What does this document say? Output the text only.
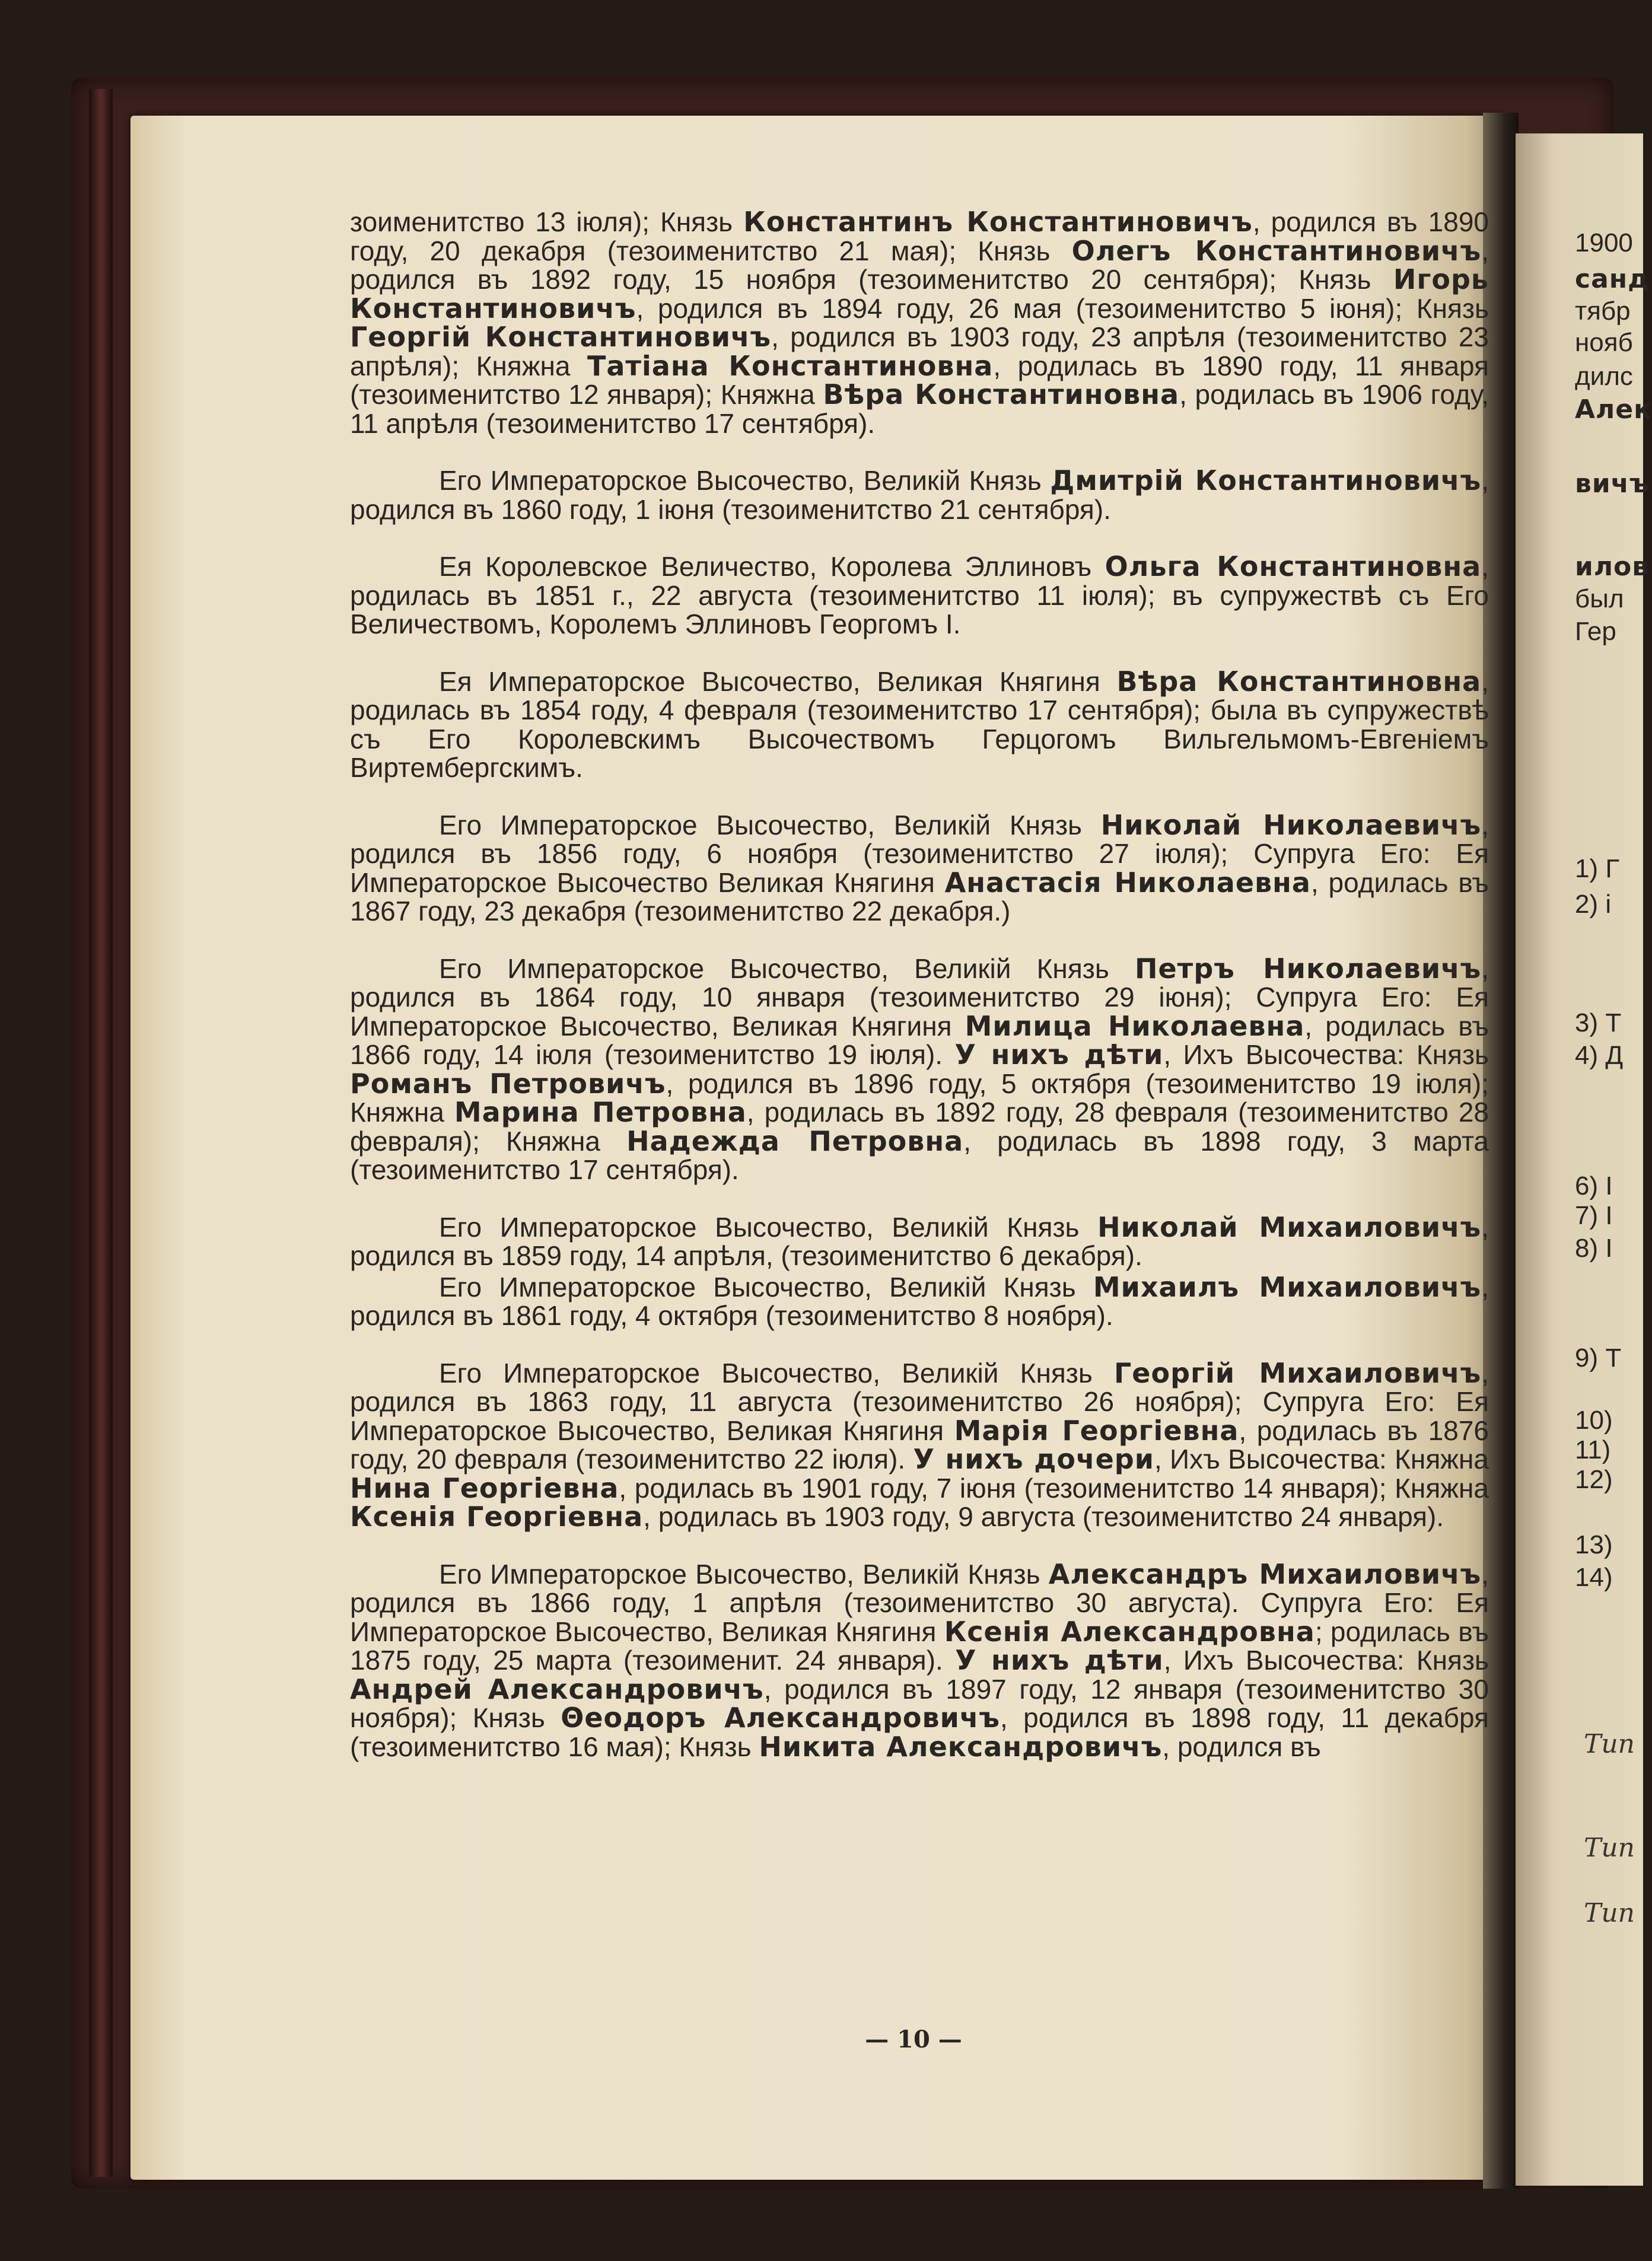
зоименитство 13 іюля); Князь Константинъ Константиновичъ, родился въ 1890 году, 20 декабря (тезоименитство 21 мая); Князь Олегъ Константиновичъ, родился въ 1892 году, 15 ноября (тезоименитство 20 сентября); Князь Игорь Константиновичъ, родился въ 1894 году, 26 мая (тезоименитство 5 іюня); Князь Георгій Константиновичъ, родился въ 1903 году, 23 апрѣля (тезоименитство 23 апрѣля); Княжна Татіана Константиновна, родилась въ 1890 году, 11 января (тезоименитство 12 января); Княжна Вѣра Константиновна, родилась въ 1906 году, 11 апрѣля (тезоименитство 17 сентября).

Его Императорское Высочество, Великій Князь Дмитрій Константиновичъ, родился въ 1860 году, 1 іюня (тезоименитство 21 сентября).

Ея Королевское Величество, Королева Эллиновъ Ольга Константиновна, родилась въ 1851 г., 22 августа (тезоименитство 11 іюля); въ супружествѣ съ Его Величествомъ, Королемъ Эллиновъ Георгомъ I.

Ея Императорское Высочество, Великая Княгиня Вѣра Константиновна, родилась въ 1854 году, 4 февраля (тезоименитство 17 сентября); была въ супружествѣ съ Его Королевскимъ Высочествомъ Герцогомъ Вильгельмомъ-Евгеніемъ Виртембергскимъ.

Его Императорское Высочество, Великій Князь Николай Николаевичъ, родился въ 1856 году, 6 ноября (тезоименитство 27 іюля); Супруга Его: Ея Императорское Высочество Великая Княгиня Анастасія Николаевна, родилась въ 1867 году, 23 декабря (тезоименитство 22 декабря.)

Его Императорское Высочество, Великій Князь Петръ Николаевичъ, родился въ 1864 году, 10 января (тезоименитство 29 іюня); Супруга Его: Ея Императорское Высочество, Великая Княгиня Милица Николаевна, родилась въ 1866 году, 14 іюля (тезоименитство 19 іюля). У нихъ дѣти, Ихъ Высочества: Князь Романъ Петровичъ, родился въ 1896 году, 5 октября (тезоименитство 19 іюля); Княжна Марина Петровна, родилась въ 1892 году, 28 февраля (тезоименитство 28 февраля); Княжна Надежда Петровна, родилась въ 1898 году, 3 марта (тезоименитство 17 сентября).

Его Императорское Высочество, Великій Князь Николай Михаиловичъ, родился въ 1859 году, 14 апрѣля, (тезоименитство 6 декабря).

Его Императорское Высочество, Великій Князь Михаилъ Михаиловичъ, родился въ 1861 году, 4 октября (тезоименитство 8 ноября).

Его Императорское Высочество, Великій Князь Георгій Михаиловичъ, родился въ 1863 году, 11 августа (тезоименитство 26 ноября); Супруга Его: Ея Императорское Высочество, Великая Княгиня Марія Георгіевна, родилась въ 1876 году, 20 февраля (тезоименитство 22 іюля). У нихъ дочери, Ихъ Высочества: Княжна Нина Георгіевна, родилась въ 1901 году, 7 іюня (тезоименитство 14 января); Княжна Ксенія Георгіевна, родилась въ 1903 году, 9 августа (тезоименитство 24 января).

Его Императорское Высочество, Великій Князь Александръ Михаиловичъ, родился въ 1866 году, 1 апрѣля (тезоименитство 30 августа). Супруга Его: Ея Императорское Высочество, Великая Княгиня Ксенія Александровна; родилась въ 1875 году, 25 марта (тезоименит. 24 января). У нихъ дѣти, Ихъ Высочества: Князь Андрей Александровичъ, родился въ 1897 году, 12 января (тезоименитство 30 ноября); Князь Θеодоръ Александровичъ, родился въ 1898 году, 11 декабря (тезоименитство 16 мая); Князь Никита Александровичъ, родился въ

— 10 —
1900
санд
тябр
нояб
дилс
Алек
вичъ
илов
был
Гер
1) Г
2) і
3) Т
4) Д
6) І
7) І
8) І
9) Т
10)
11)
12)
13)
14)
Тип
Тип
Тип
